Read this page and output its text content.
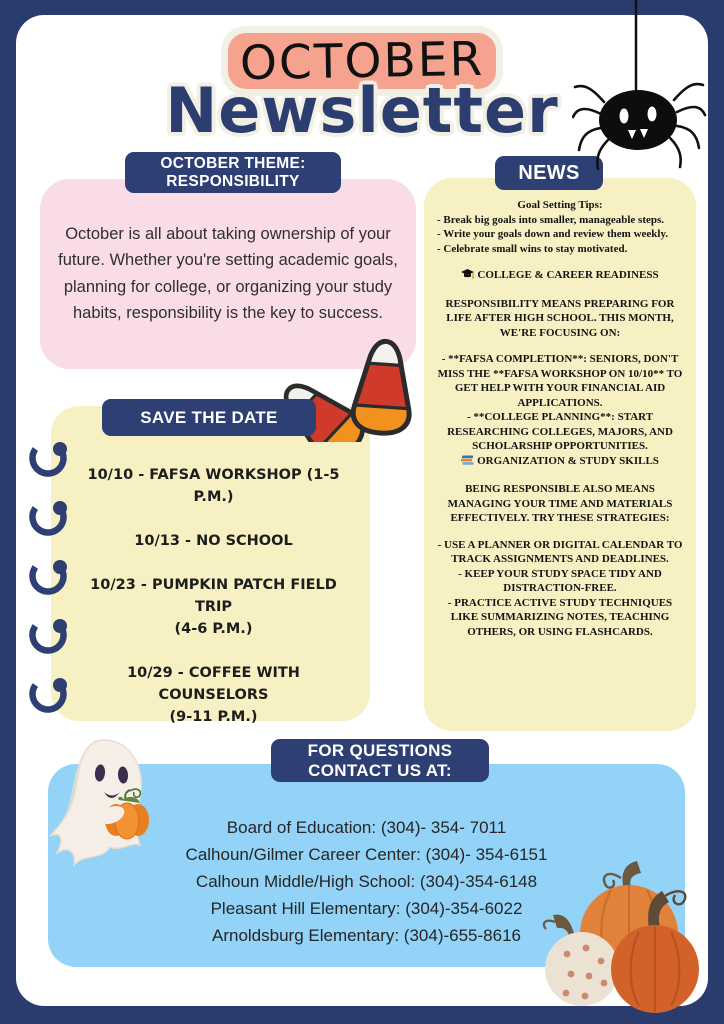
OCTOBER
Newsletter
OCTOBER THEME:
RESPONSIBILITY
October is all about taking ownership of your future. Whether you're setting academic goals, planning for college, or organizing your study habits, responsibility is the key to success.
SAVE THE DATE
10/10 - FAFSA WORKSHOP (1-5 P.M.)
10/13 - NO SCHOOL
10/23 - PUMPKIN PATCH FIELD TRIP
(4-6 P.M.)
10/29 - COFFEE WITH COUNSELORS
(9-11 P.M.)
NEWS

Goal Setting Tips:

- Break big goals into smaller, manageable steps.

- Write your goals down and review them weekly.

- Celebrate small wins to stay motivated.

COLLEGE & CAREER READINESS

RESPONSIBILITY MEANS PREPARING FOR LIFE AFTER HIGH SCHOOL. THIS MONTH, WE'RE FOCUSING ON:

- **FAFSA COMPLETION**: SENIORS, DON'T MISS THE **FAFSA WORKSHOP ON 10/10** TO GET HELP WITH YOUR FINANCIAL AID APPLICATIONS.

- **COLLEGE PLANNING**: START RESEARCHING COLLEGES, MAJORS, AND SCHOLARSHIP OPPORTUNITIES.

ORGANIZATION & STUDY SKILLS

BEING RESPONSIBLE ALSO MEANS MANAGING YOUR TIME AND MATERIALS EFFECTIVELY. TRY THESE STRATEGIES:

- USE A PLANNER OR DIGITAL CALENDAR TO TRACK ASSIGNMENTS AND DEADLINES.

- KEEP YOUR STUDY SPACE TIDY AND DISTRACTION-FREE.

- PRACTICE ACTIVE STUDY TECHNIQUES LIKE SUMMARIZING NOTES, TEACHING OTHERS, OR USING FLASHCARDS.

FOR QUESTIONS
CONTACT US AT:
Board of Education: (304)- 354- 7011
Calhoun/Gilmer Career Center: (304)- 354-6151
Calhoun Middle/High School: (304)-354-6148
Pleasant Hill Elementary: (304)-354-6022
Arnoldsburg Elementary: (304)-655-8616
